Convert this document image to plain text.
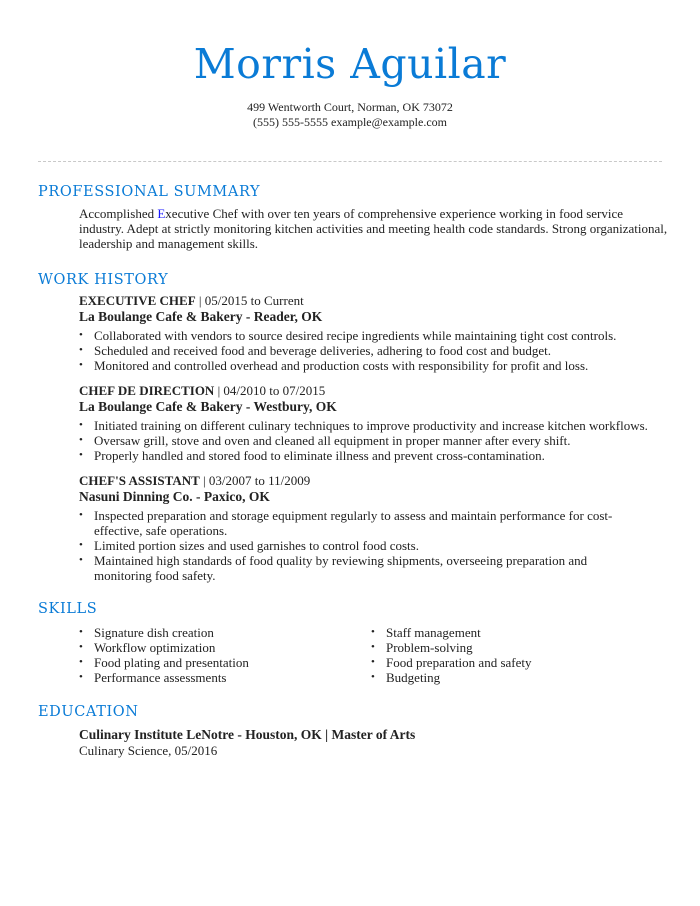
Morris Aguilar
499 Wentworth Court, Norman, OK 73072
(555) 555-5555 example@example.com
PROFESSIONAL SUMMARY
Accomplished Executive Chef with over ten years of comprehensive experience working in food service industry. Adept at strictly monitoring kitchen activities and meeting health code standards. Strong organizational, leadership and management skills.
WORK HISTORY
EXECUTIVE CHEF | 05/2015 to Current
La Boulange Cafe & Bakery - Reader, OK
• Collaborated with vendors to source desired recipe ingredients while maintaining tight cost controls.
• Scheduled and received food and beverage deliveries, adhering to food cost and budget.
• Monitored and controlled overhead and production costs with responsibility for profit and loss.
CHEF DE DIRECTION | 04/2010 to 07/2015
La Boulange Cafe & Bakery - Westbury, OK
• Initiated training on different culinary techniques to improve productivity and increase kitchen workflows.
• Oversaw grill, stove and oven and cleaned all equipment in proper manner after every shift.
• Properly handled and stored food to eliminate illness and prevent cross-contamination.
CHEF'S ASSISTANT | 03/2007 to 11/2009
Nasuni Dinning Co. - Paxico, OK
• Inspected preparation and storage equipment regularly to assess and maintain performance for cost-effective, safe operations.
• Limited portion sizes and used garnishes to control food costs.
• Maintained high standards of food quality by reviewing shipments, overseeing preparation and monitoring food safety.
SKILLS
• Signature dish creation
• Workflow optimization
• Food plating and presentation
• Performance assessments
• Staff management
• Problem-solving
• Food preparation and safety
• Budgeting
EDUCATION
Culinary Institute LeNotre - Houston, OK | Master of Arts
Culinary Science, 05/2016
